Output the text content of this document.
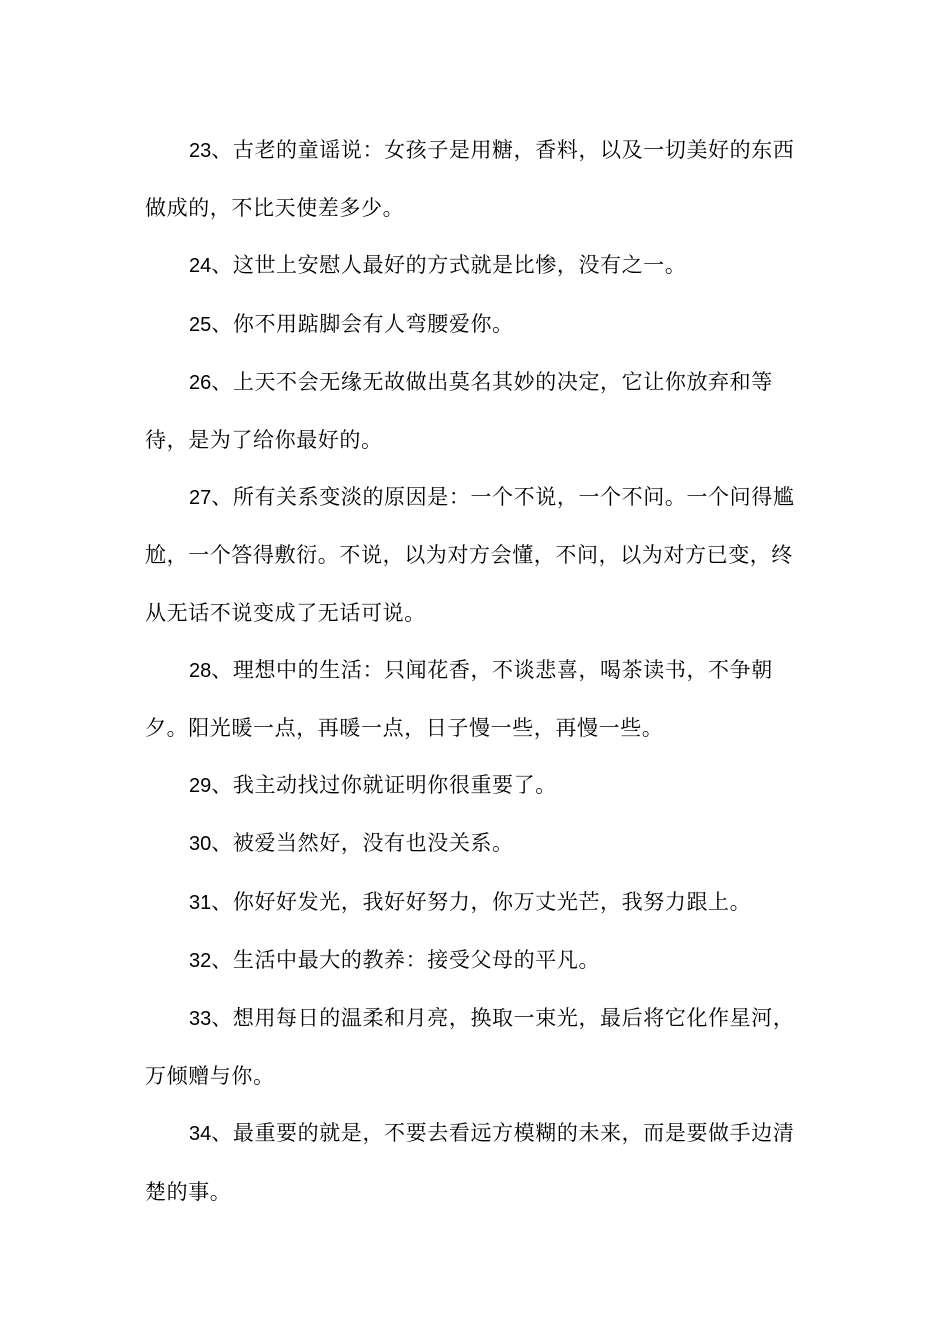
23、古老的童谣说：女孩子是用糖，香料，以及一切美好的东西做成的，不比天使差多少。

24、这世上安慰人最好的方式就是比惨，没有之一。

25、你不用踮脚会有人弯腰爱你。

26、上天不会无缘无故做出莫名其妙的决定，它让你放弃和等待，是为了给你最好的。

27、所有关系变淡的原因是：一个不说，一个不问。一个问得尴尬，一个答得敷衍。不说，以为对方会懂，不问，以为对方已变，终从无话不说变成了无话可说。

28、理想中的生活：只闻花香，不谈悲喜，喝茶读书，不争朝夕。阳光暖一点，再暖一点，日子慢一些，再慢一些。

29、我主动找过你就证明你很重要了。

30、被爱当然好，没有也没关系。

31、你好好发光，我好好努力，你万丈光芒，我努力跟上。

32、生活中最大的教养：接受父母的平凡。

33、想用每日的温柔和月亮，换取一束光，最后将它化作星河，万倾赠与你。

34、最重要的就是，不要去看远方模糊的未来，而是要做手边清楚的事。
